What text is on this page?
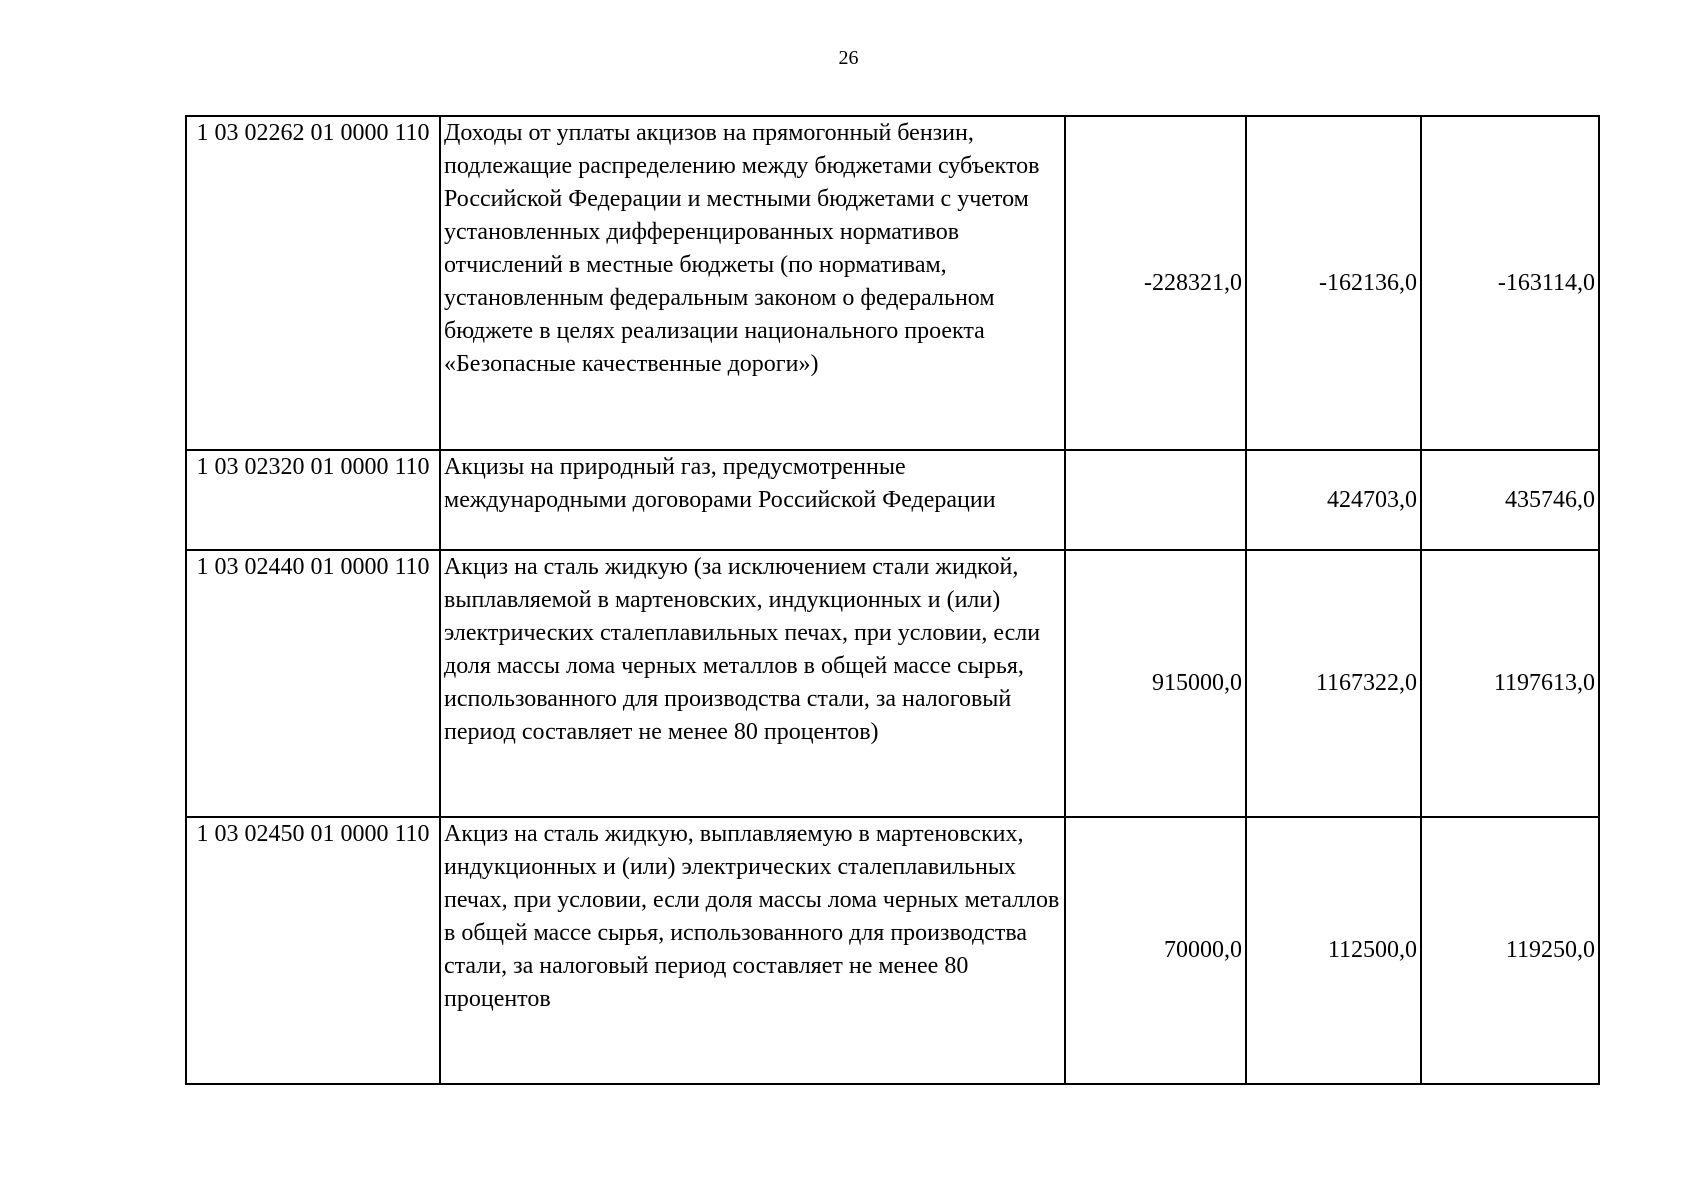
26
1 03 02262 01 0000 110	Доходы от уплаты акцизов на прямогонный бензин, подлежащие распределению между бюджетами субъектов Российской Федерации и местными бюджетами с учетом установленных дифференцированных нормативов отчислений в местные бюджеты (по нормативам, установленным федеральным законом о федеральном бюджете в целях реализации национального проекта «Безопасные качественные дороги»)	-228321,0	-162136,0	-163114,0
1 03 02320 01 0000 110	Акцизы на природный газ, предусмотренные международными договорами Российской Федерации		424703,0	435746,0
1 03 02440 01 0000 110	Акциз на сталь жидкую (за исключением стали жидкой, выплавляемой в мартеновских, индукционных и (или) электрических сталеплавильных печах, при условии, если доля массы лома черных металлов в общей массе сырья, использованного для производства стали, за налоговый период составляет не менее 80 процентов)	915000,0	1167322,0	1197613,0
1 03 02450 01 0000 110	Акциз на сталь жидкую, выплавляемую в мартеновских, индукционных и (или) электрических сталеплавильных печах, при условии, если доля массы лома черных металлов в общей массе сырья, использованного для производства стали, за налоговый период составляет не менее 80 процентов	70000,0	112500,0	119250,0
